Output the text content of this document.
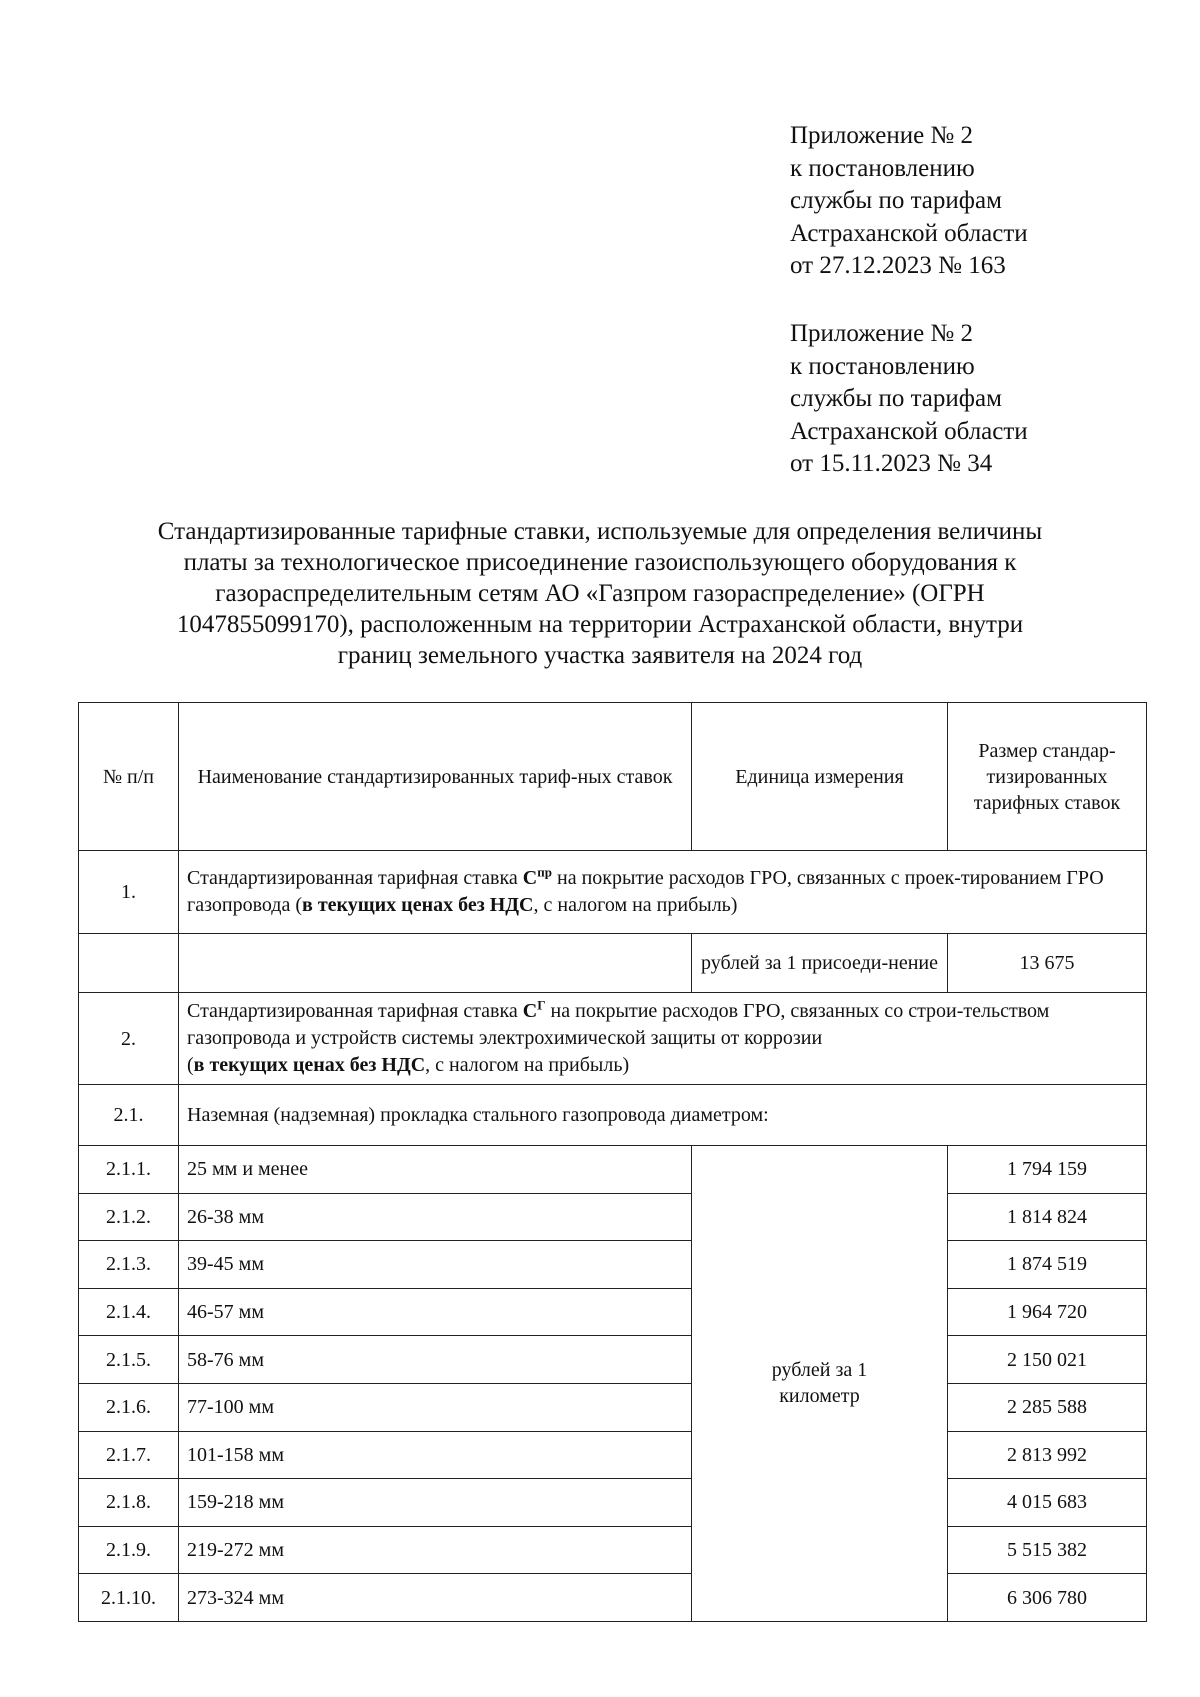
Приложение № 2
к постановлению
службы по тарифам
Астраханской области
от 27.12.2023 № 163
Приложение № 2
к постановлению
службы по тарифам
Астраханской области
от 15.11.2023 № 34
Стандартизированные тарифные ставки, используемые для определения величины
платы за технологическое присоединение газоиспользующего оборудования к
газораспределительным сетям АО «Газпром газораспределение» (ОГРН
1047855099170), расположенным на территории Астраханской области, внутри
границ земельного участка заявителя на 2024 год
№ п/п	Наименование стандартизированных тариф-ных ставок	Единица измерения	Размер стандар-тизированных тарифных ставок
1.	Стандартизированная тарифная ставка $С^{пр}$ на покрытие расходов ГРО, связанных с проек-тированием ГРО газопровода (в текущих ценах без НДС, с налогом на прибыль)		
		рублей за 1 присоеди-нение	13 675
2.	Стандартизированная тарифная ставка $С^Г$ на покрытие расходов ГРО, связанных со строи-тельством газопровода и устройств системы электрохимической защиты от коррозии
(в текущих ценах без НДС, с налогом на прибыль)		
2.1.	Наземная (надземная) прокладка стального газопровода диаметром:		
2.1.1.	25 мм и менее	рублей за 1 километр	1 794 159
2.1.2.	26-38 мм		1 814 824
2.1.3.	39-45 мм		1 874 519
2.1.4.	46-57 мм		1 964 720
2.1.5.	58-76 мм		2 150 021
2.1.6.	77-100 мм		2 285 588
2.1.7.	101-158 мм		2 813 992
2.1.8.	159-218 мм		4 015 683
2.1.9.	219-272 мм		5 515 382
2.1.10.	273-324 мм		6 306 780
